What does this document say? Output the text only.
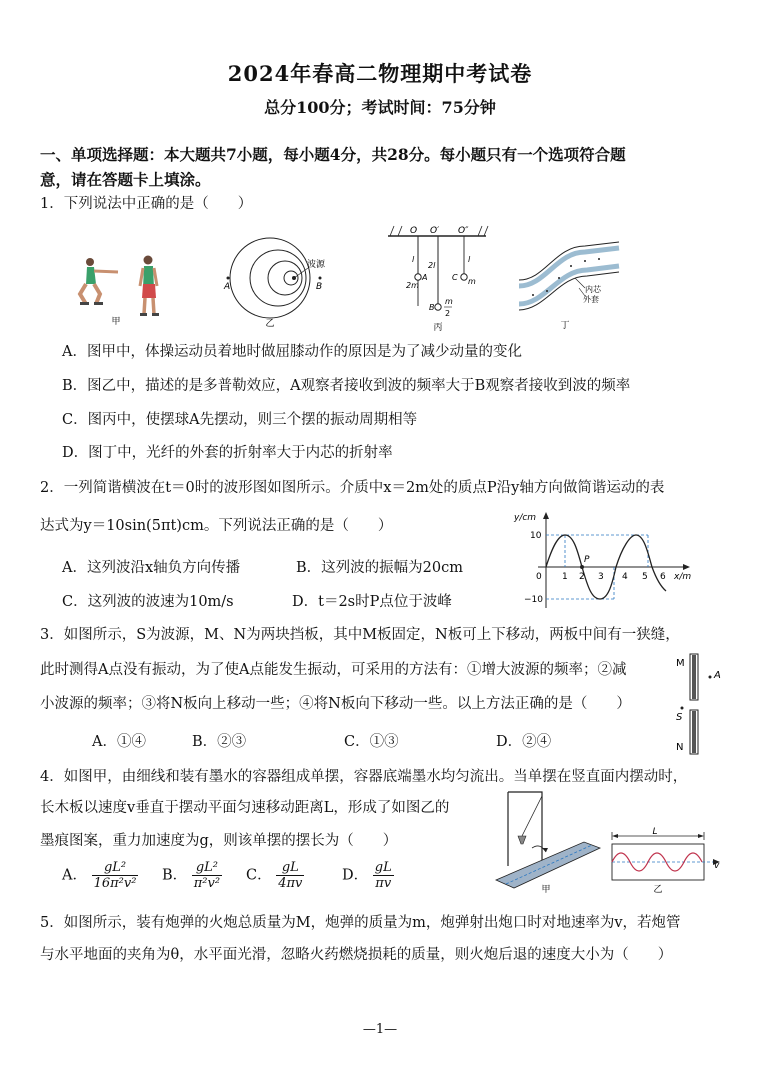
2024年春高二物理期中考试卷
总分100分；考试时间：75分钟
一、单项选择题：本大题共7小题，每小题4分，共28分。每小题只有一个选项符合题
意，请在答题卡上填涂。
1．下列说法中正确的是（　　）
甲
A	B
波源
乙
O O′ O″
l
2l
l
A
2m
C m
B
m
2
丙
内芯
外套
丁
A．图甲中，体操运动员着地时做屈膝动作的原因是为了减少动量的变化
B．图乙中，描述的是多普勒效应，A观察者接收到波的频率大于B观察者接收到波的频率
C．图丙中，使摆球A先摆动，则三个摆的振动周期相等
D．图丁中，光纤的外套的折射率大于内芯的折射率
2．一列简谐横波在t＝0时的波形图如图所示。介质中x＝2m处的质点P沿y轴方向做简谐运动的表
达式为y＝10sin(5πt)cm。下列说法正确的是（　　）
A．这列波沿x轴负方向传播	B．这列波的振幅为20cm
C．这列波的波速为10m/s	D．t＝2s时P点位于波峰
P
y/cm
x/m
10
−10
0 1 2 3 4 5 6
3．如图所示，S为波源，M、N为两块挡板，其中M板固定，N板可上下移动，两板中间有一狭缝，
此时测得A点没有振动，为了使A点能发生振动，可采用的方法有：①增大波源的频率；②减
小波源的频率；③将N板向上移动一些；④将N板向下移动一些。以上方法正确的是（　　）
A．①④	B．②③	C．①③	D．②④
M
N
A
S
4．如图甲，由细线和装有墨水的容器组成单摆，容器底端墨水均匀流出。当单摆在竖直面内摆动时，
长木板以速度v垂直于摆动平面匀速移动距离L，形成了如图乙的
墨痕图案，重力加速度为g，则该单摆的摆长为（　　）
A． $\frac{\text{gL²}}{\text{16π²v²}}$ B． $\frac{\text{gL²}}{\text{π²v²}}$ C． $\frac{gL}{4\pi v}$	D． $\frac{gL}{\pi v}$	甲
L
v
乙
5．如图所示，装有炮弹的火炮总质量为M，炮弹的质量为m，炮弹射出炮口时对地速率为v，若炮管
与水平地面的夹角为θ，水平面光滑，忽略火药燃烧损耗的质量，则火炮后退的速度大小为（　　）
—1—
